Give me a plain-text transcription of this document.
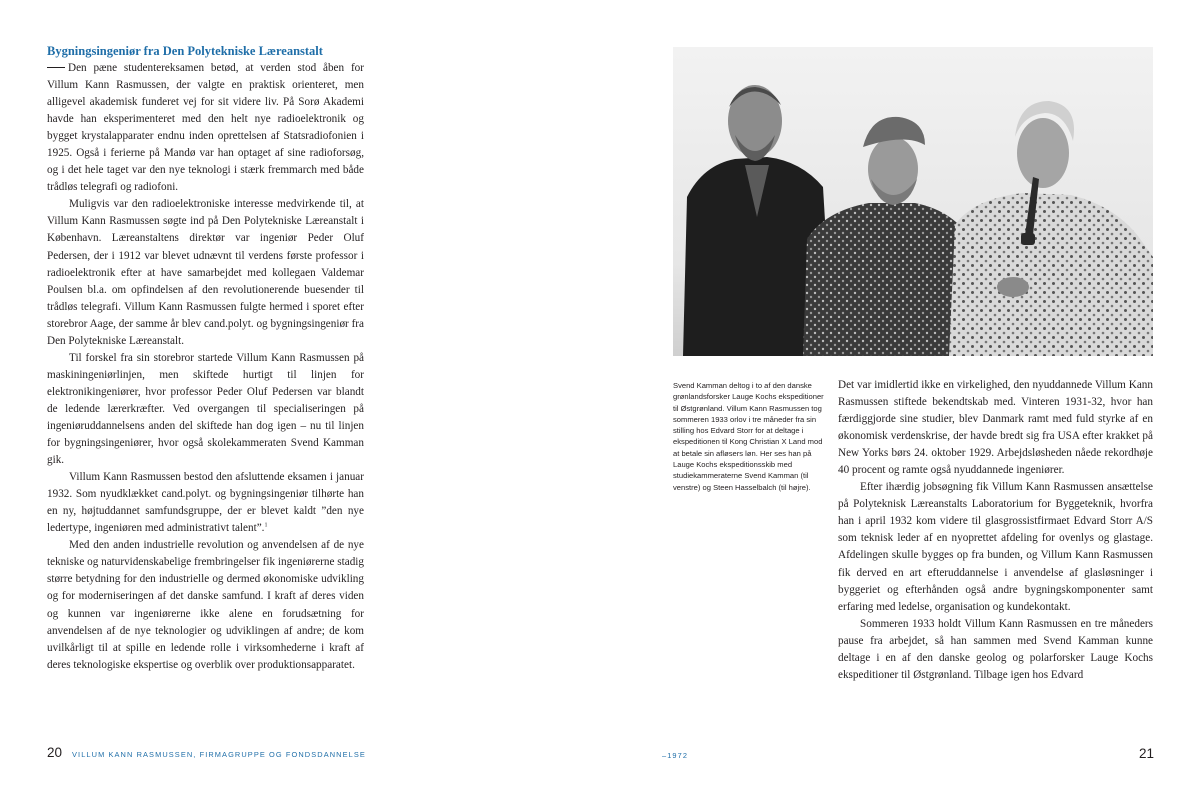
Bygningsingeniør fra Den Polytekniske Læreanstalt

Den pæne studentereksamen betød, at verden stod åben for Villum Kann Rasmussen, der valgte en praktisk orienteret, men alligevel akademisk funderet vej for sit videre liv. På Sorø Akademi havde han eksperimenteret med den helt nye radioelektronik og bygget krystalapparater endnu inden oprettelsen af Statsradiofonien i 1925. Også i ferierne på Mandø var han optaget af sine radioforsøg, og i det hele taget var den nye teknologi i stærk fremmarch med både trådløs telegrafi og radiofoni.

Muligvis var den radioelektroniske interesse medvirkende til, at Villum Kann Rasmussen søgte ind på Den Polytekniske Læreanstalt i København. Læreanstaltens direktør var ingeniør Peder Oluf Pedersen, der i 1912 var blevet udnævnt til verdens første professor i radioelektronik efter at have samarbejdet med kollegaen Valdemar Poulsen bl.a. om opfindelsen af den revolutionerende buesender til trådløs telegrafi. Villum Kann Rasmussen fulgte hermed i sporet efter storebror Aage, der samme år blev cand.polyt. og bygningsingeniør fra Den Polytekniske Læreanstalt.

Til forskel fra sin storebror startede Villum Kann Rasmussen på maskiningeniørlinjen, men skiftede hurtigt til linjen for elektronikingeniører, hvor professor Peder Oluf Pedersen var blandt de ledende lærerkræfter. Ved overgangen til specialiseringen på ingeniøruddannelsens anden del skiftede han dog igen – nu til linjen for bygningsingeniører, hvor også skolekammeraten Svend Kamman gik.

Villum Kann Rasmussen bestod den afsluttende eksamen i januar 1932. Som nyudklækket cand.polyt. og bygningsingeniør tilhørte han en ny, højtuddannet samfundsgruppe, der er blevet kaldt ”den nye ledertype, ingeniøren med administrativt talent”.$^1$

Med den anden industrielle revolution og anvendelsen af de nye tekniske og naturvidenskabelige frembringelser fik ingeniørerne stadig større betydning for den industrielle og dermed økonomiske udvikling og for moderniseringen af det danske samfund. I kraft af deres viden og kunnen var ingeniørerne ikke alene en forudsætning for anvendelsen af de nye teknologier og udviklingen af andre; de kom uvilkårligt til at spille en ledende rolle i virksomhederne i kraft af deres teknologiske ekspertise og overblik over produktionsapparatet.

20 VILLUM KANN RASMUSSEN, FIRMAGRUPPE OG FONDSDANNELSE

Svend Kamman deltog i to af den danske grønlandsforsker Lauge Kochs ekspeditioner til Østgrønland. Villum Kann Rasmussen tog sommeren 1933 orlov i tre måneder fra sin stilling hos Edvard Storr for at deltage i ekspeditionen til Kong Christian X Land mod at betale sin afløsers løn. Her ses han på Lauge Kochs ekspeditionsskib med studiekammeraterne Svend Kamman (til venstre) og Steen Hasselbalch (til højre).

Det var imidlertid ikke en virkelighed, den nyuddannede Villum Kann Rasmussen stiftede bekendtskab med. Vinteren 1931-32, hvor han færdiggjorde sine studier, blev Danmark ramt med fuld styrke af en økonomisk verdenskrise, der havde bredt sig fra USA efter krakket på New Yorks børs 24. oktober 1929. Arbejdsløsheden nåede rekordhøje 40 procent og ramte også nyuddannede ingeniører.

Efter ihærdig jobsøgning fik Villum Kann Rasmussen ansættelse på Polyteknisk Læreanstalts Laboratorium for Byggeteknik, hvorfra han i april 1932 kom videre til glasgrossistfirmaet Edvard Storr A/S som teknisk leder af en nyoprettet afdeling for ovenlys og glastage. Afdelingen skulle bygges op fra bunden, og Villum Kann Rasmussen fik derved en art efteruddannelse i anvendelse af glasløsninger i byggeriet og efterhånden også andre bygningskomponenter samt erfaring med ledelse, organisation og kundekontakt.

Sommeren 1933 holdt Villum Kann Rasmussen en tre måneders pause fra arbejdet, så han sammen med Svend Kamman kunne deltage i en af den danske geolog og polarforsker Lauge Kochs ekspeditioner til Østgrønland. Tilbage igen hos Edvard

–1972	21
